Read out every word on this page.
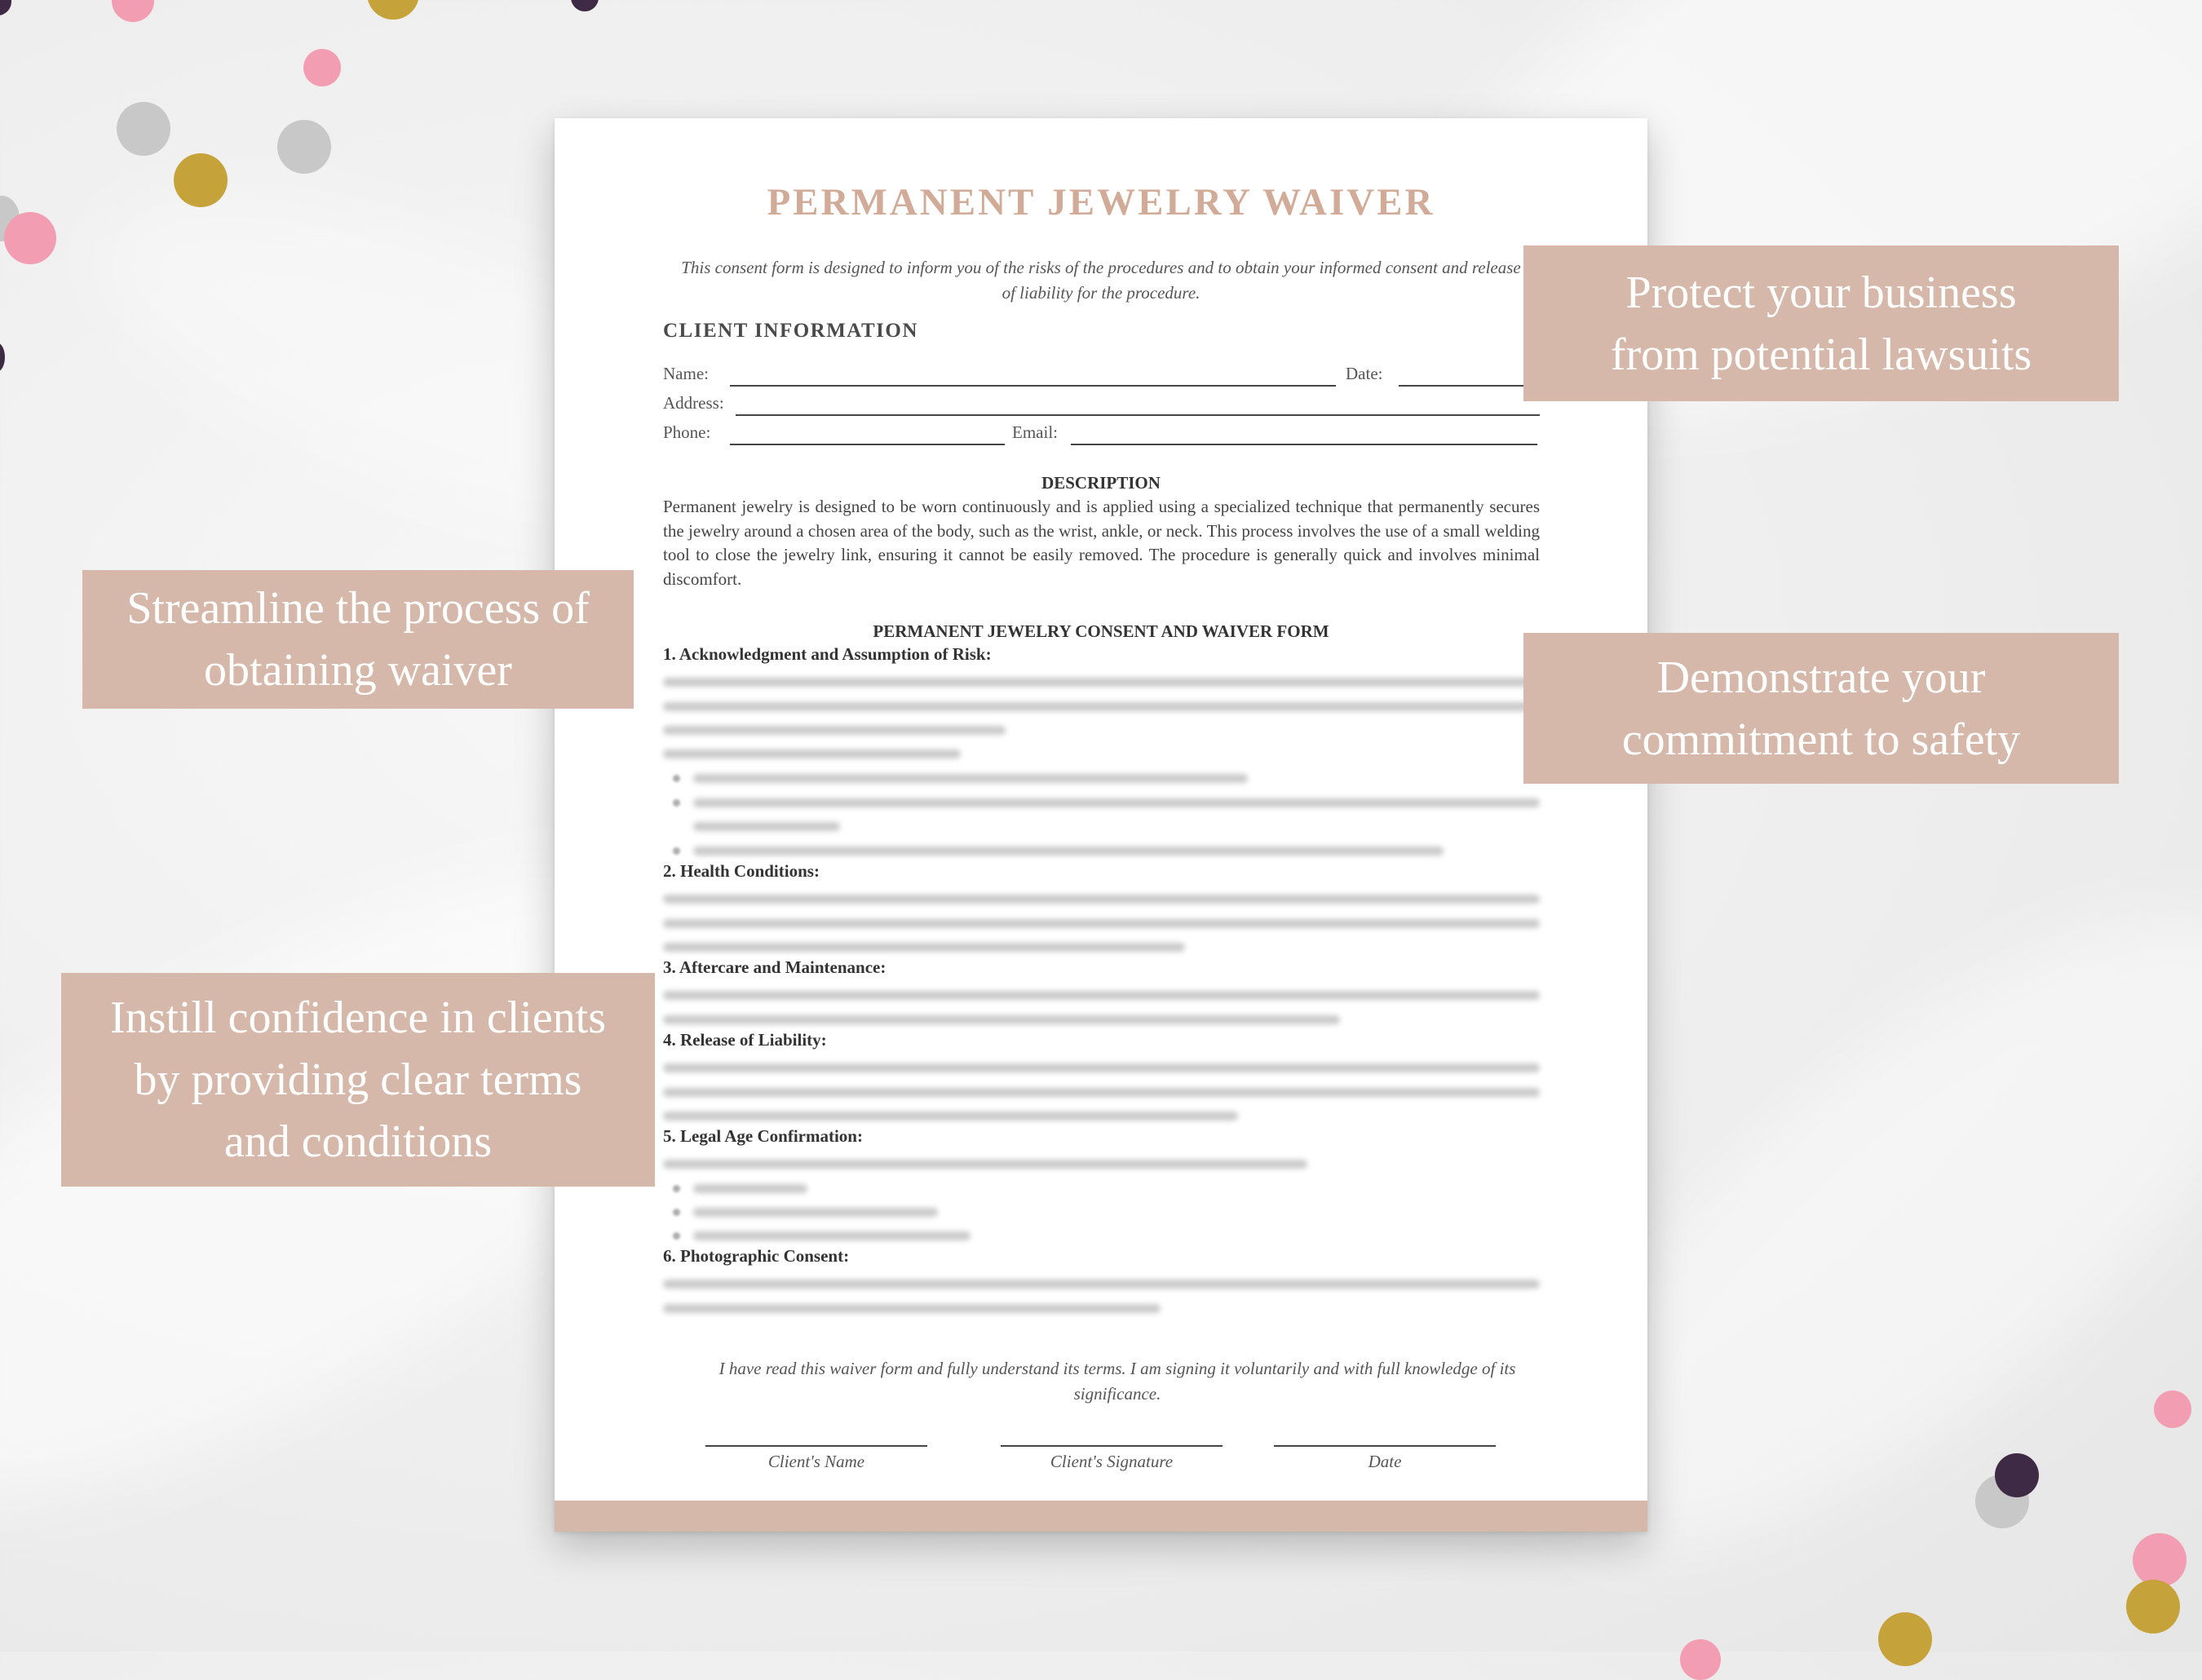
PERMANENT JEWELRY WAIVER
This consent form is designed to inform you of the risks of the procedures and to obtain your informed consent and release of liability for the procedure.
CLIENT INFORMATION
Name:	Date:
Address:
Phone:	Email:
DESCRIPTION
Permanent jewelry is designed to be worn continuously and is applied using a specialized technique that permanently secures the jewelry around a chosen area of the body, such as the wrist, ankle, or neck. This process involves the use of a small welding tool to close the jewelry link, ensuring it cannot be easily removed. The procedure is generally quick and involves minimal discomfort.
PERMANENT JEWELRY CONSENT AND WAIVER FORM
1. Acknowledgment and Assumption of Risk:
2. Health Conditions:
3. Aftercare and Maintenance:
4. Release of Liability:
5. Legal Age Confirmation:
6. Photographic Consent:
I have read this waiver form and fully understand its terms. I am signing it voluntarily and with full knowledge of its significance.
Client's Name	Client's Signature	Date
Protect your business
from potential lawsuits
Streamline the process of
obtaining waiver	Demonstrate your
commitment to safety
Instill confidence in clients
by providing clear terms
and conditions
